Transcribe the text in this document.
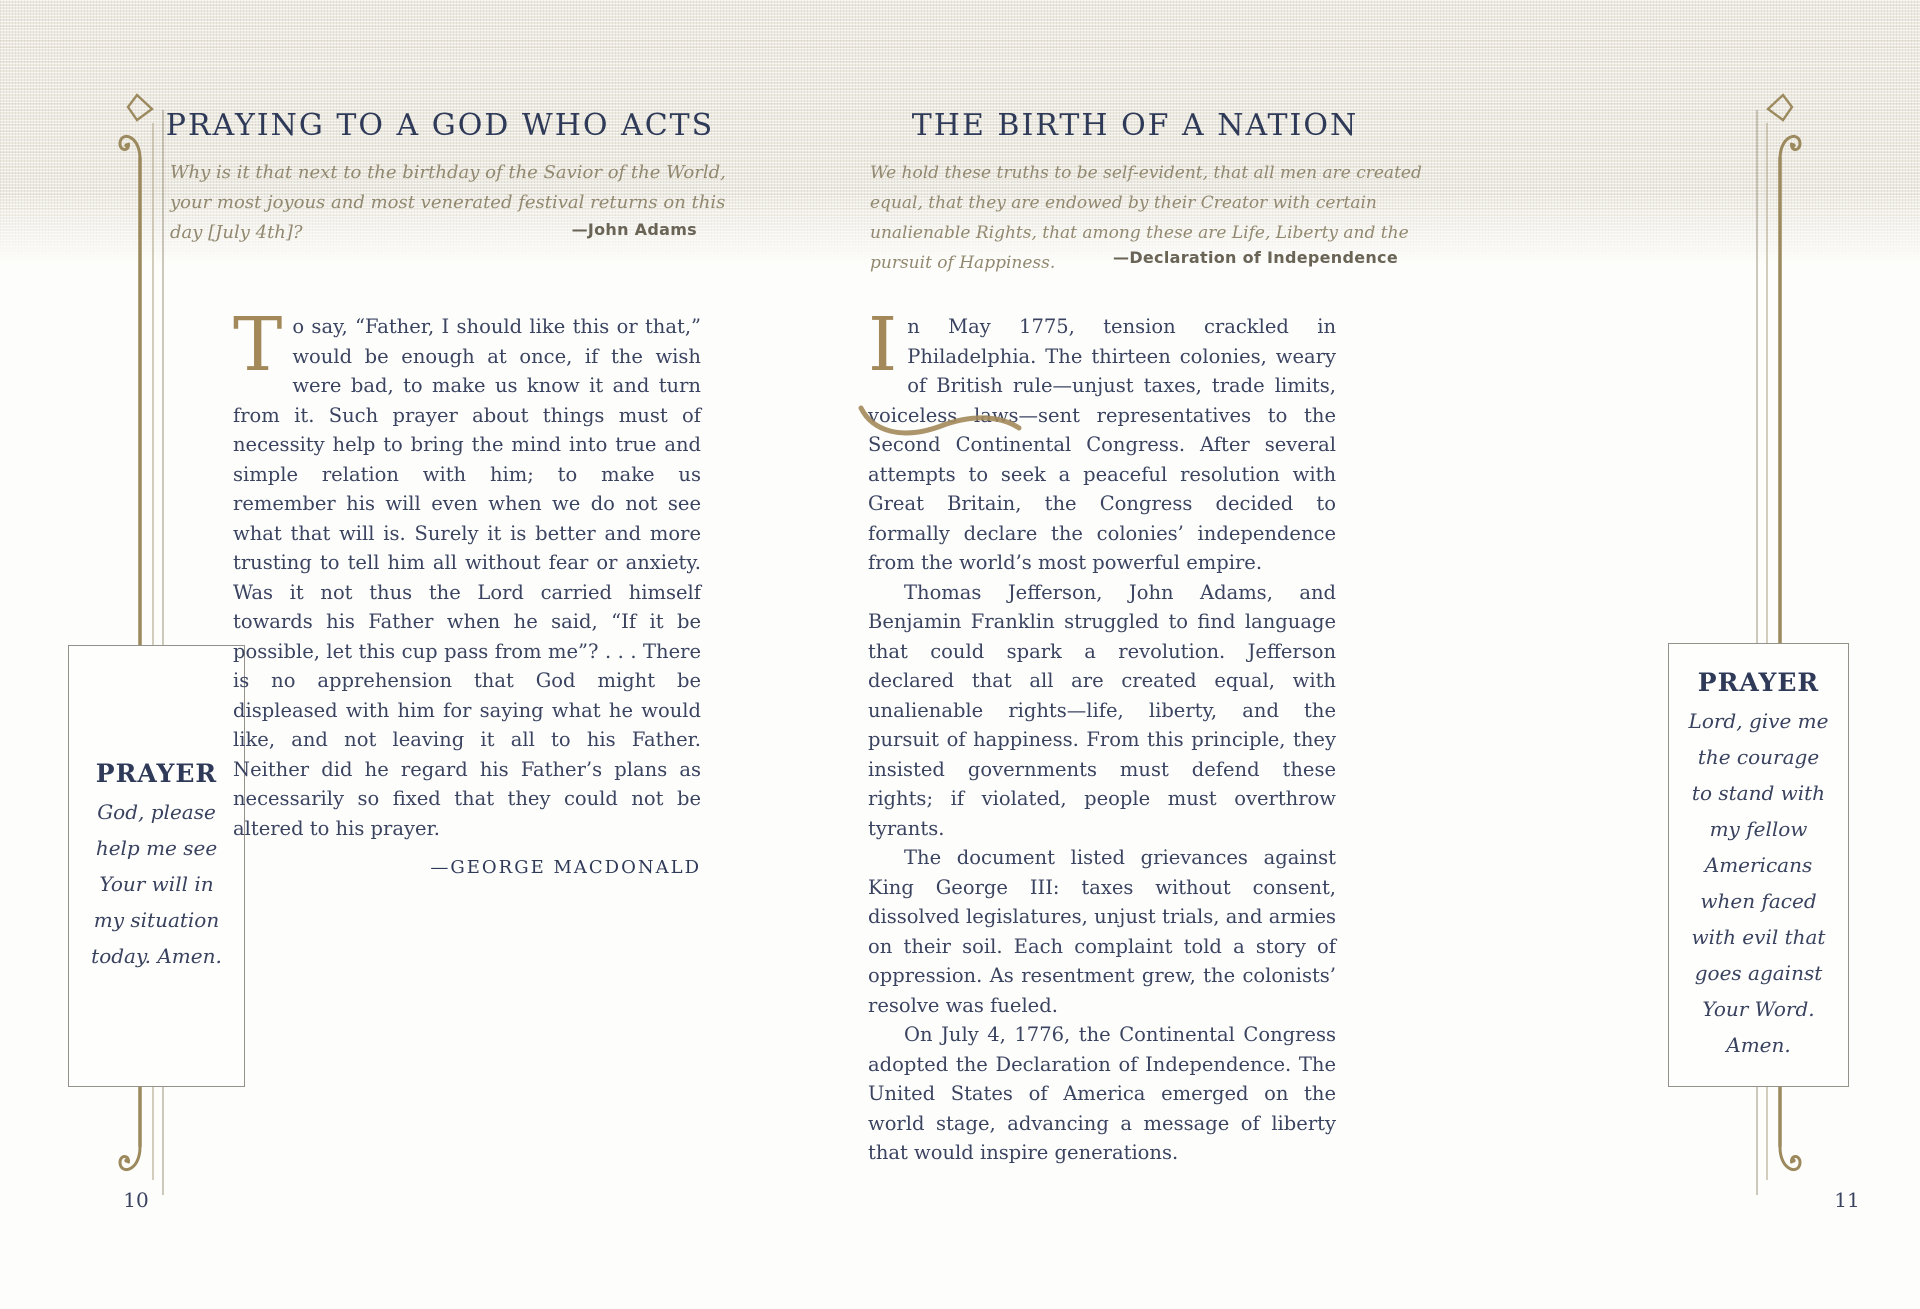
PRAYING TO A GOD WHO ACTS
Why is it that next to the birthday of the Savior of the World, your most joyous and most venerated festival returns on this day [July 4th]?	—John Adams

To say, “Father, I should like this or that,” would be enough at once, if the wish were bad, to make us know it and turn from it. Such prayer about things must of necessity help to bring the mind into true and simple relation with him; to make us remember his will even when we do not see what that will is. Surely it is better and more trusting to tell him all without fear or anxiety. Was it not thus the Lord carried himself towards his Father when he said, “If it be possible, let this cup pass from me”? . . . There is no apprehension that God might be displeased with him for saying what he would like, and not leaving it all to his Father. Neither did he regard his Father’s plans as necessarily so fixed that they could not be altered to his prayer.

—GEORGE MACDONALD
PRAYER
God, please
help me see
Your will in
my situation
today. Amen.
10
THE BIRTH OF A NATION
We hold these truths to be self-evident, that all men are created equal, that they are endowed by their Creator with certain unalienable Rights, that among these are Life, Liberty and the pursuit of Happiness.	—Declaration of Independence

In May 1775, tension crackled in Philadelphia. The thirteen colonies, weary of British rule—unjust taxes, trade limits, voiceless laws—sent representatives to the Second Continental Congress. After several attempts to seek a peaceful resolution with Great Britain, the Congress decided to formally declare the colonies’ independence from the world’s most powerful empire.

Thomas Jefferson, John Adams, and Benjamin Franklin struggled to find language that could spark a revolution. Jefferson declared that all are created equal, with unalienable rights—life, liberty, and the pursuit of happiness. From this principle, they insisted governments must defend these rights; if violated, people must overthrow tyrants.

The document listed grievances against King George III: taxes without consent, dissolved legislatures, unjust trials, and armies on their soil. Each complaint told a story of oppression. As resentment grew, the colonists’ resolve was fueled.

On July 4, 1776, the Continental Congress adopted the Declaration of Independence. The United States of America emerged on the world stage, advancing a message of liberty that would inspire generations.

PRAYER
Lord, give me
the courage
to stand with
my fellow
Americans
when faced
with evil that
goes against
Your Word.
Amen.
11
